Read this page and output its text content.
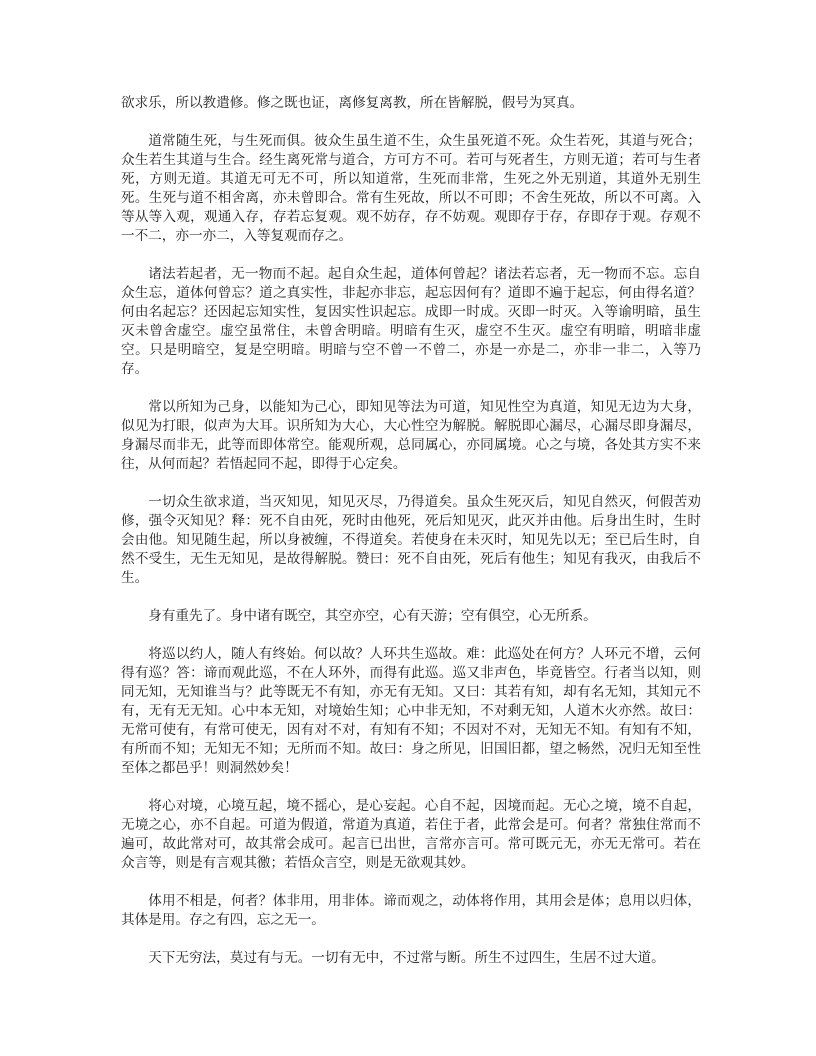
欲求乐，所以教遣修。修之既也证，离修复离教，所在皆解脱，假号为冥真。

道常随生死，与生死而俱。彼众生虽生道不生，众生虽死道不死。众生若死，其道与死合；众生若生其道与生合。经生离死常与道合，方可方不可。若可与死者生，方则无道；若可与生者死，方则无道。其道无可无不可，所以知道常，生死而非常，生死之外无别道，其道外无别生死。生死与道不相舍离，亦未曾即合。常有生死故，所以不可即；不舍生死故，所以不可离。入等从等入观，观通入存，存若忘复观。观不妨存，存不妨观。观即存于存，存即存于观。存观不一不二，亦一亦二，入等复观而存之。

诸法若起者，无一物而不起。起自众生起，道体何曾起？诸法若忘者，无一物而不忘。忘自众生忘，道体何曾忘？道之真实性，非起亦非忘，起忘因何有？道即不遍于起忘，何由得名道？何由名起忘？还因起忘知实性，复因实性识起忘。成即一时成。灭即一时灭。入等谕明暗，虽生灭未曾舍虚空。虚空虽常住，未曾舍明暗。明暗有生灭，虚空不生灭。虚空有明暗，明暗非虚空。只是明暗空，复是空明暗。明暗与空不曾一不曾二，亦是一亦是二，亦非一非二，入等乃存。

常以所知为己身，以能知为己心，即知见等法为可道，知见性空为真道，知见无边为大身，似见为打眼，似声为大耳。识所知为大心，大心性空为解脱。解脱即心漏尽，心漏尽即身漏尽，身漏尽而非无，此等而即体常空。能观所观，总同属心，亦同属境。心之与境，各处其方实不来往，从何而起？若悟起同不起，即得于心定矣。

一切众生欲求道，当灭知见，知见灭尽，乃得道矣。虽众生死灭后，知见自然灭，何假苦劝修，强令灭知见？释：死不自由死，死时由他死，死后知见灭，此灭并由他。后身出生时，生时会由他。知见随生起，所以身被缠，不得道矣。若使身在未灭时，知见先以无；至已后生时，自然不受生，无生无知见，是故得解脱。赞曰：死不自由死，死后有他生；知见有我灭，由我后不生。

身有重先了。身中诸有既空，其空亦空，心有天游；空有俱空，心无所系。

将巡以约人，随人有终始。何以故？人环共生巡故。难：此巡处在何方？人环元不增，云何得有巡？答：谛而观此巡，不在人环外，而得有此巡。巡又非声色，毕竟皆空。行者当以知，则同无知，无知谁当与？此等既无不有知，亦无有无知。又曰：其若有知，却有名无知，其知元不有，无有无无知。心中本无知，对境始生知；心中非无知，不对剩无知，人道木火亦然。故曰：无常可使有，有常可使无，因有对不对，有知有不知；不因对不对，无知无不知。有知有不知，有所而不知；无知无不知；无所而不知。故曰：身之所见，旧国旧都，望之畅然，况归无知至性至体之都邑乎！则洞然妙矣！

将心对境，心境互起，境不摇心，是心妄起。心自不起，因境而起。无心之境，境不自起，无境之心，亦不自起。可道为假道，常道为真道，若住于者，此常会是可。何者？常独住常而不遍可，故此常对可，故其常会成可。起言已出世，言常亦言可。常可既元无，亦无无常可。若在众言等，则是有言观其徼；若悟众言空，则是无欲观其妙。

体用不相是，何者？体非用，用非体。谛而观之，动体将作用，其用会是体；息用以归体，其体是用。存之有四，忘之无一。

天下无穷法，莫过有与无。一切有无中，不过常与断。所生不过四生，生居不过大道。
